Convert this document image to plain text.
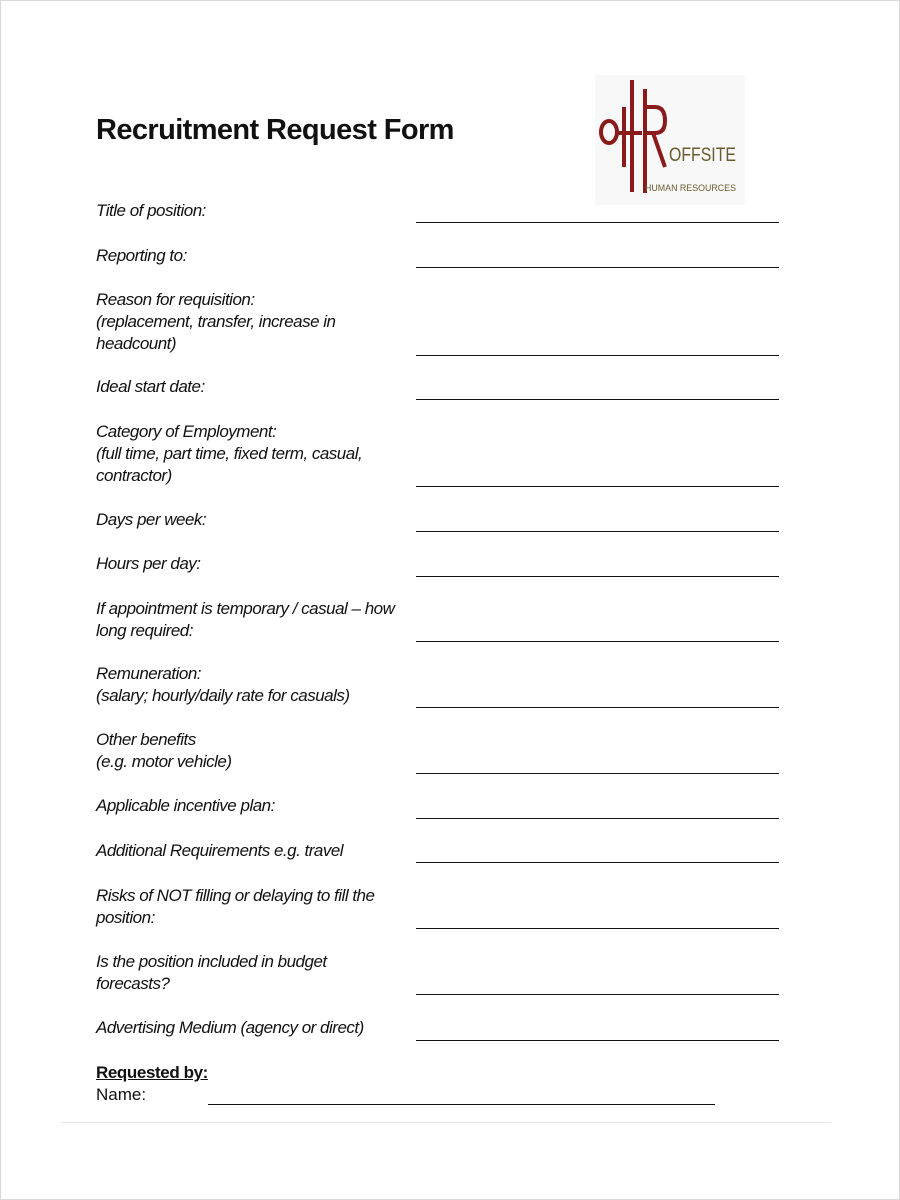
Recruitment Request Form
OFFSITE
HUMAN RESOURCES
Title of position:
Reporting to:
Reason for requisition:
(replacement, transfer, increase in
headcount)
Ideal start date:
Category of Employment:
(full time, part time, fixed term, casual,
contractor)
Days per week:
Hours per day:
If appointment is temporary / casual – how
long required:
Remuneration:
(salary; hourly/daily rate for casuals)
Other benefits
(e.g. motor vehicle)
Applicable incentive plan:
Additional Requirements e.g. travel
Risks of NOT filling or delaying to fill the
position:
Is the position included in budget forecasts?
Advertising Medium (agency or direct)
Requested by:
Name:
